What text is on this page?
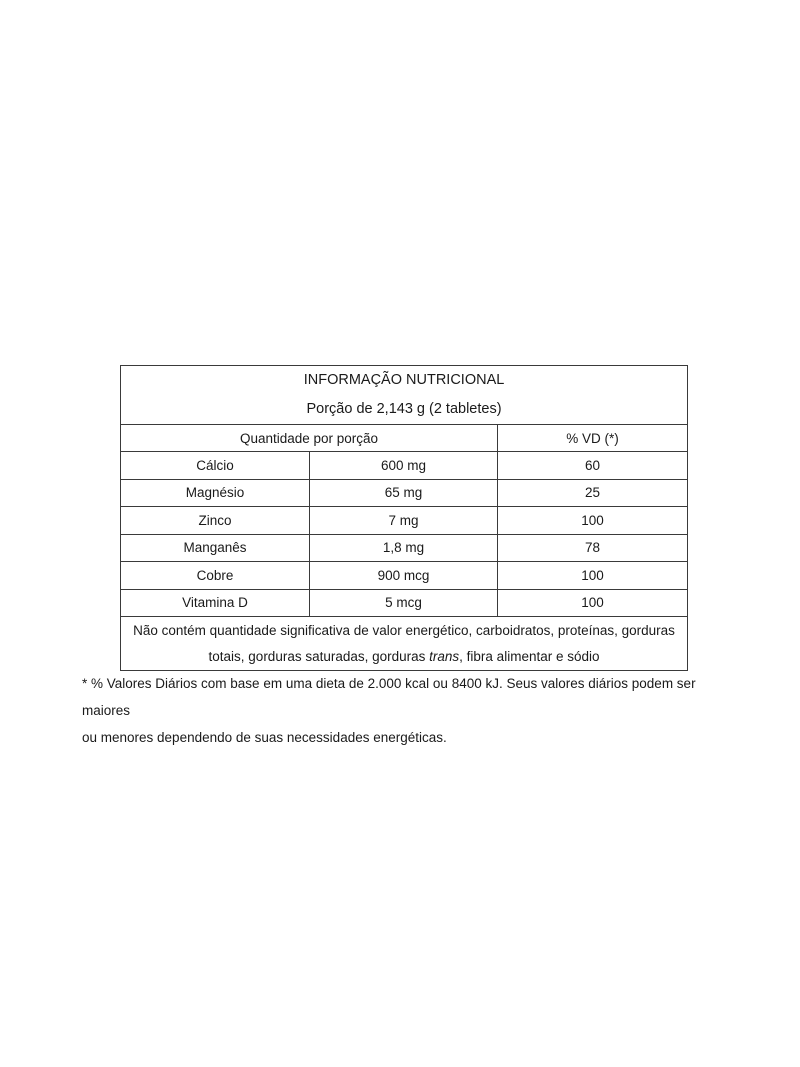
INFORMAÇÃO NUTRICIONAL
Porção de 2,143 g (2 tabletes)		

Quantidade por porção		% VD (*)
Cálcio	600 mg	60
Magnésio	65 mg	25
Zinco	7 mg	100
Manganês	1,8 mg	78
Cobre	900 mcg	100
Vitamina D	5 mcg	100

Não contém quantidade significativa de valor energético, carboidratos, proteínas, gorduras
totais, gorduras saturadas, gorduras trans, fibra alimentar e sódio		
* % Valores Diários com base em uma dieta de 2.000 kcal ou 8400 kJ. Seus valores diários podem ser maiores
ou menores dependendo de suas necessidades energéticas.
